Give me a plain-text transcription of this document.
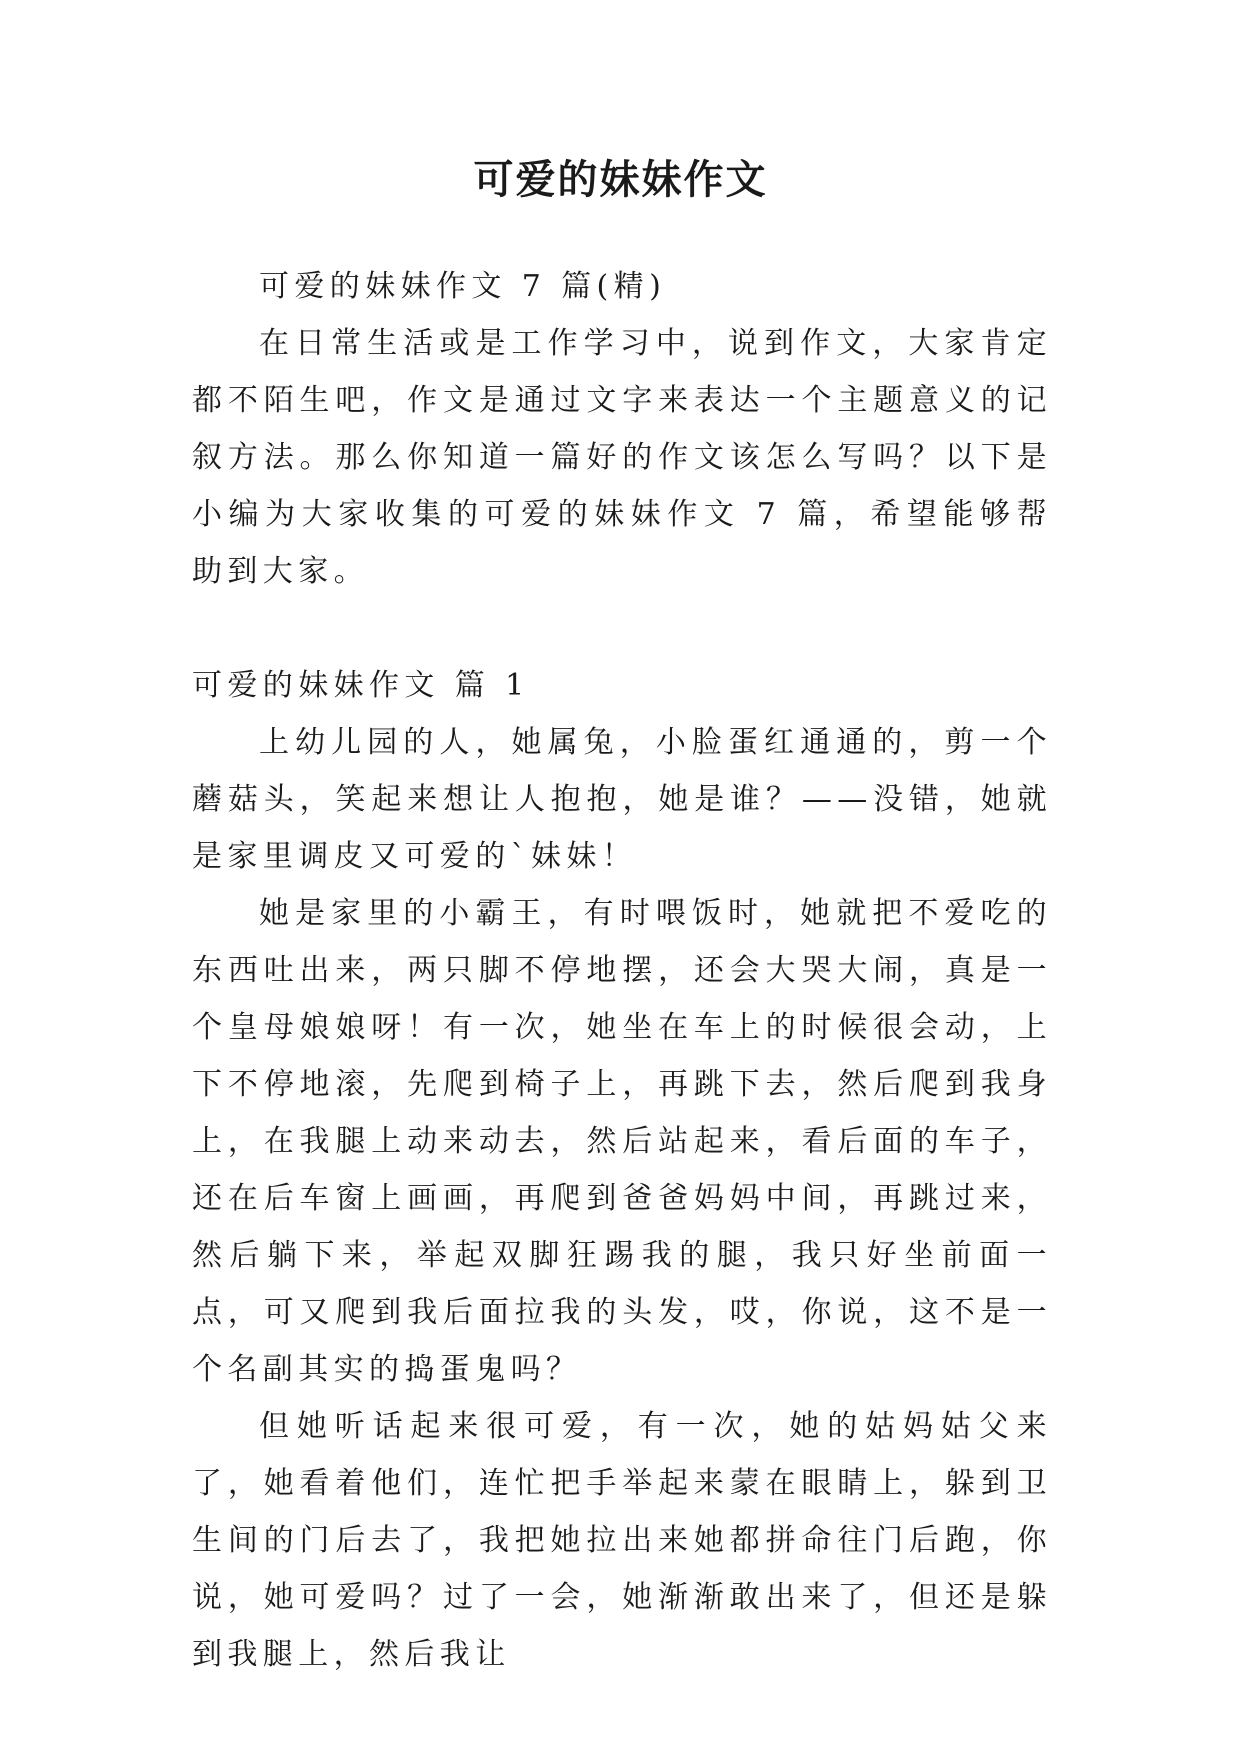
可爱的妹妹作文

可爱的妹妹作文 7 篇(精)

在日常生活或是工作学习中，说到作文，大家肯定都不陌生吧，作文是通过文字来表达一个主题意义的记叙方法。那么你知道一篇好的作文该怎么写吗？以下是小编为大家收集的可爱的妹妹作文 7 篇，希望能够帮助到大家。

可爱的妹妹作文 篇 1

上幼儿园的人，她属兔，小脸蛋红通通的，剪一个蘑菇头，笑起来想让人抱抱，她是谁？——没错，她就是家里调皮又可爱的`妹妹！

她是家里的小霸王，有时喂饭时，她就把不爱吃的东西吐出来，两只脚不停地摆，还会大哭大闹，真是一个皇母娘娘呀！有一次，她坐在车上的时候很会动，上下不停地滚，先爬到椅子上，再跳下去，然后爬到我身上，在我腿上动来动去，然后站起来，看后面的车子，还在后车窗上画画，再爬到爸爸妈妈中间，再跳过来，然后躺下来，举起双脚狂踢我的腿，我只好坐前面一点，可又爬到我后面拉我的头发，哎，你说，这不是一个名副其实的捣蛋鬼吗？

但她听话起来很可爱，有一次，她的姑妈姑父来了，她看着他们，连忙把手举起来蒙在眼睛上，躲到卫生间的门后去了，我把她拉出来她都拼命往门后跑，你说，她可爱吗？过了一会，她渐渐敢出来了，但还是躲到我腿上，然后我让
